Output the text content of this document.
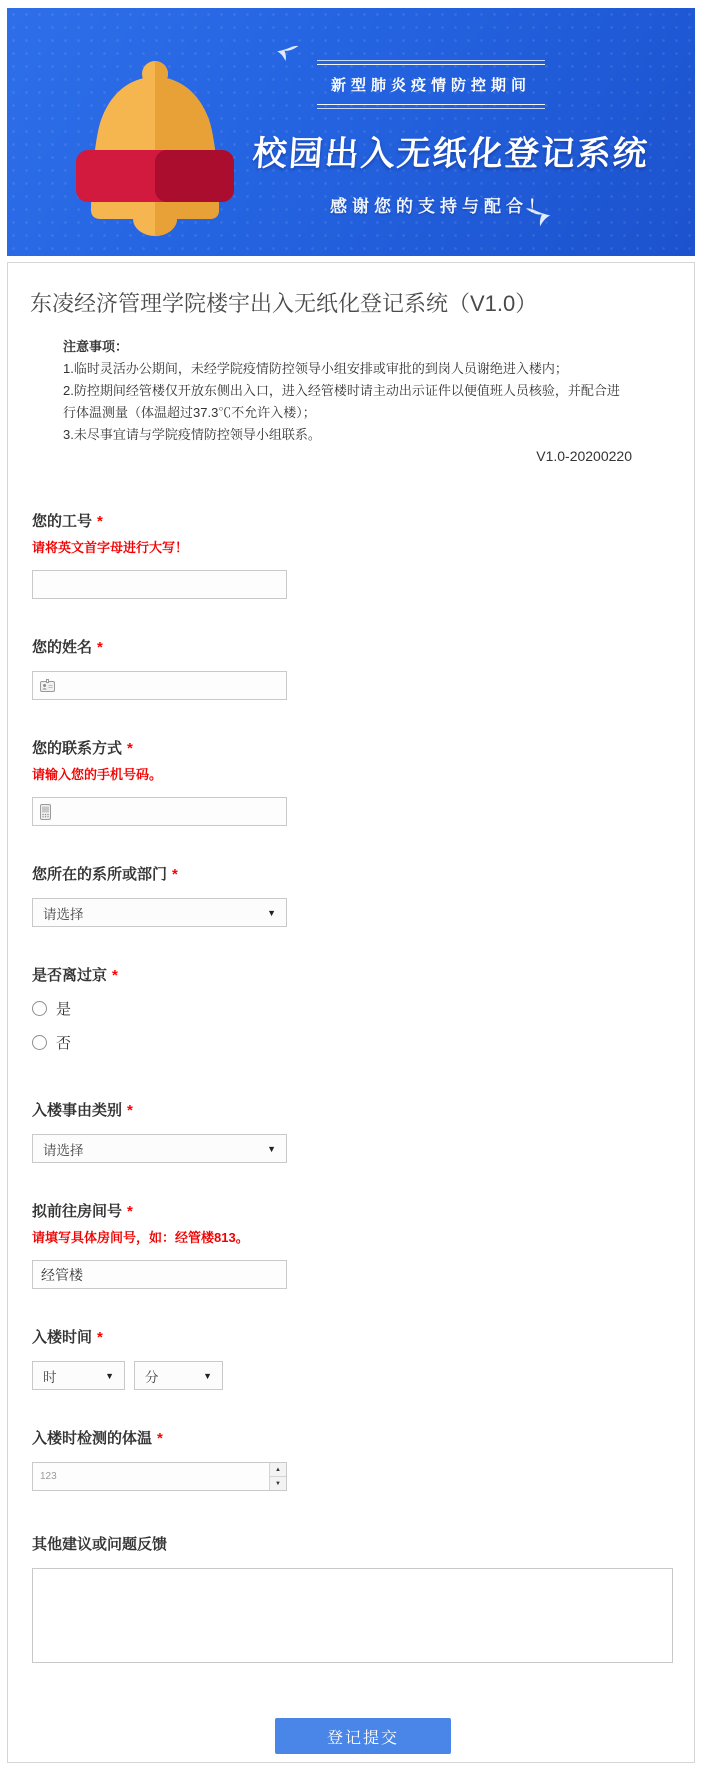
新型肺炎疫情防控期间
校园出入无纸化登记系统
感谢您的支持与配合！
东凌经济管理学院楼宇出入无纸化登记系统（V1.0）
注意事项：
1.临时灵活办公期间，未经学院疫情防控领导小组安排或审批的到岗人员谢绝进入楼内；
2.防控期间经管楼仅开放东侧出入口，进入经管楼时请主动出示证件以便值班人员核验，并配合进行体温测量（体温超过37.3℃不允许入楼）；
3.未尽事宜请与学院疫情防控领导小组联系。
V1.0-20200220
您的工号 *
请将英文首字母进行大写！
您的姓名 *
您的联系方式 *
请输入您的手机号码。
您所在的系所或部门 *
请选择	▼
是否离过京 *
是
否
入楼事由类别 *
请选择	▼
拟前往房间号 *
请填写具体房间号，如：经管楼813。
经管楼
入楼时间 *
时	▼ 分	▼
入楼时检测的体温 *
123
▲
▼
其他建议或问题反馈
登记提交
